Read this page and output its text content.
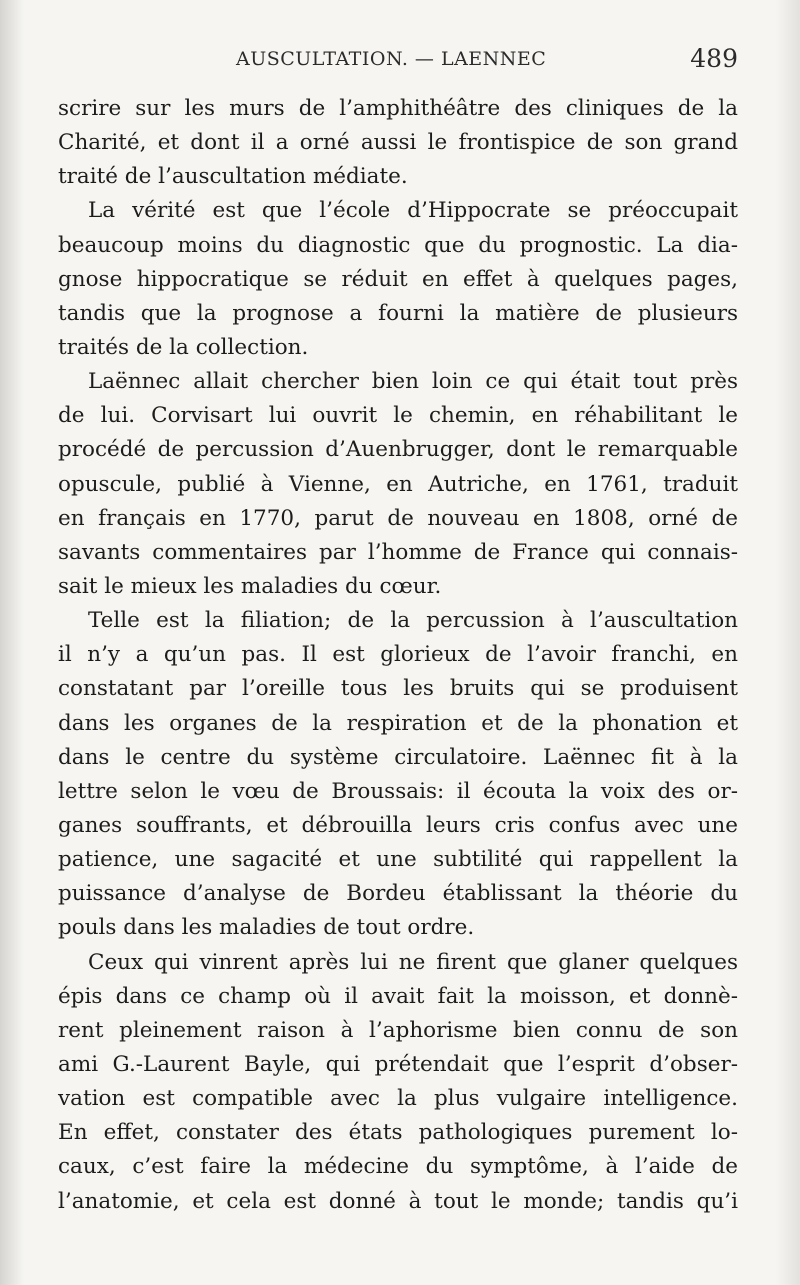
AUSCULTATION. — LAENNEC	489
scrire sur les murs de l’amphithéâtre des cliniques de la
Charité, et dont il a orné aussi le frontispice de son grand
traité de l’auscultation médiate.
La vérité est que l’école d’Hippocrate se préoccupait
beaucoup moins du diagnostic que du prognostic. La dia-
gnose hippocratique se réduit en effet à quelques pages,
tandis que la prognose a fourni la matière de plusieurs
traités de la collection.
Laënnec allait chercher bien loin ce qui était tout près
de lui. Corvisart lui ouvrit le chemin, en réhabilitant le
procédé de percussion d’Auenbrugger, dont le remarquable
opuscule, publié à Vienne, en Autriche, en 1761, traduit
en français en 1770, parut de nouveau en 1808, orné de
savants commentaires par l’homme de France qui connais-
sait le mieux les maladies du cœur.
Telle est la filiation; de la percussion à l’auscultation
il n’y a qu’un pas. Il est glorieux de l’avoir franchi, en
constatant par l’oreille tous les bruits qui se produisent
dans les organes de la respiration et de la phonation et
dans le centre du système circulatoire. Laënnec fit à la
lettre selon le vœu de Broussais: il écouta la voix des or-
ganes souffrants, et débrouilla leurs cris confus avec une
patience, une sagacité et une subtilité qui rappellent la
puissance d’analyse de Bordeu établissant la théorie du
pouls dans les maladies de tout ordre.
Ceux qui vinrent après lui ne firent que glaner quelques
épis dans ce champ où il avait fait la moisson, et donnè-
rent pleinement raison à l’aphorisme bien connu de son
ami G.-Laurent Bayle, qui prétendait que l’esprit d’obser-
vation est compatible avec la plus vulgaire intelligence.
En effet, constater des états pathologiques purement lo-
caux, c’est faire la médecine du symptôme, à l’aide de
l’anatomie, et cela est donné à tout le monde; tandis qu’i
